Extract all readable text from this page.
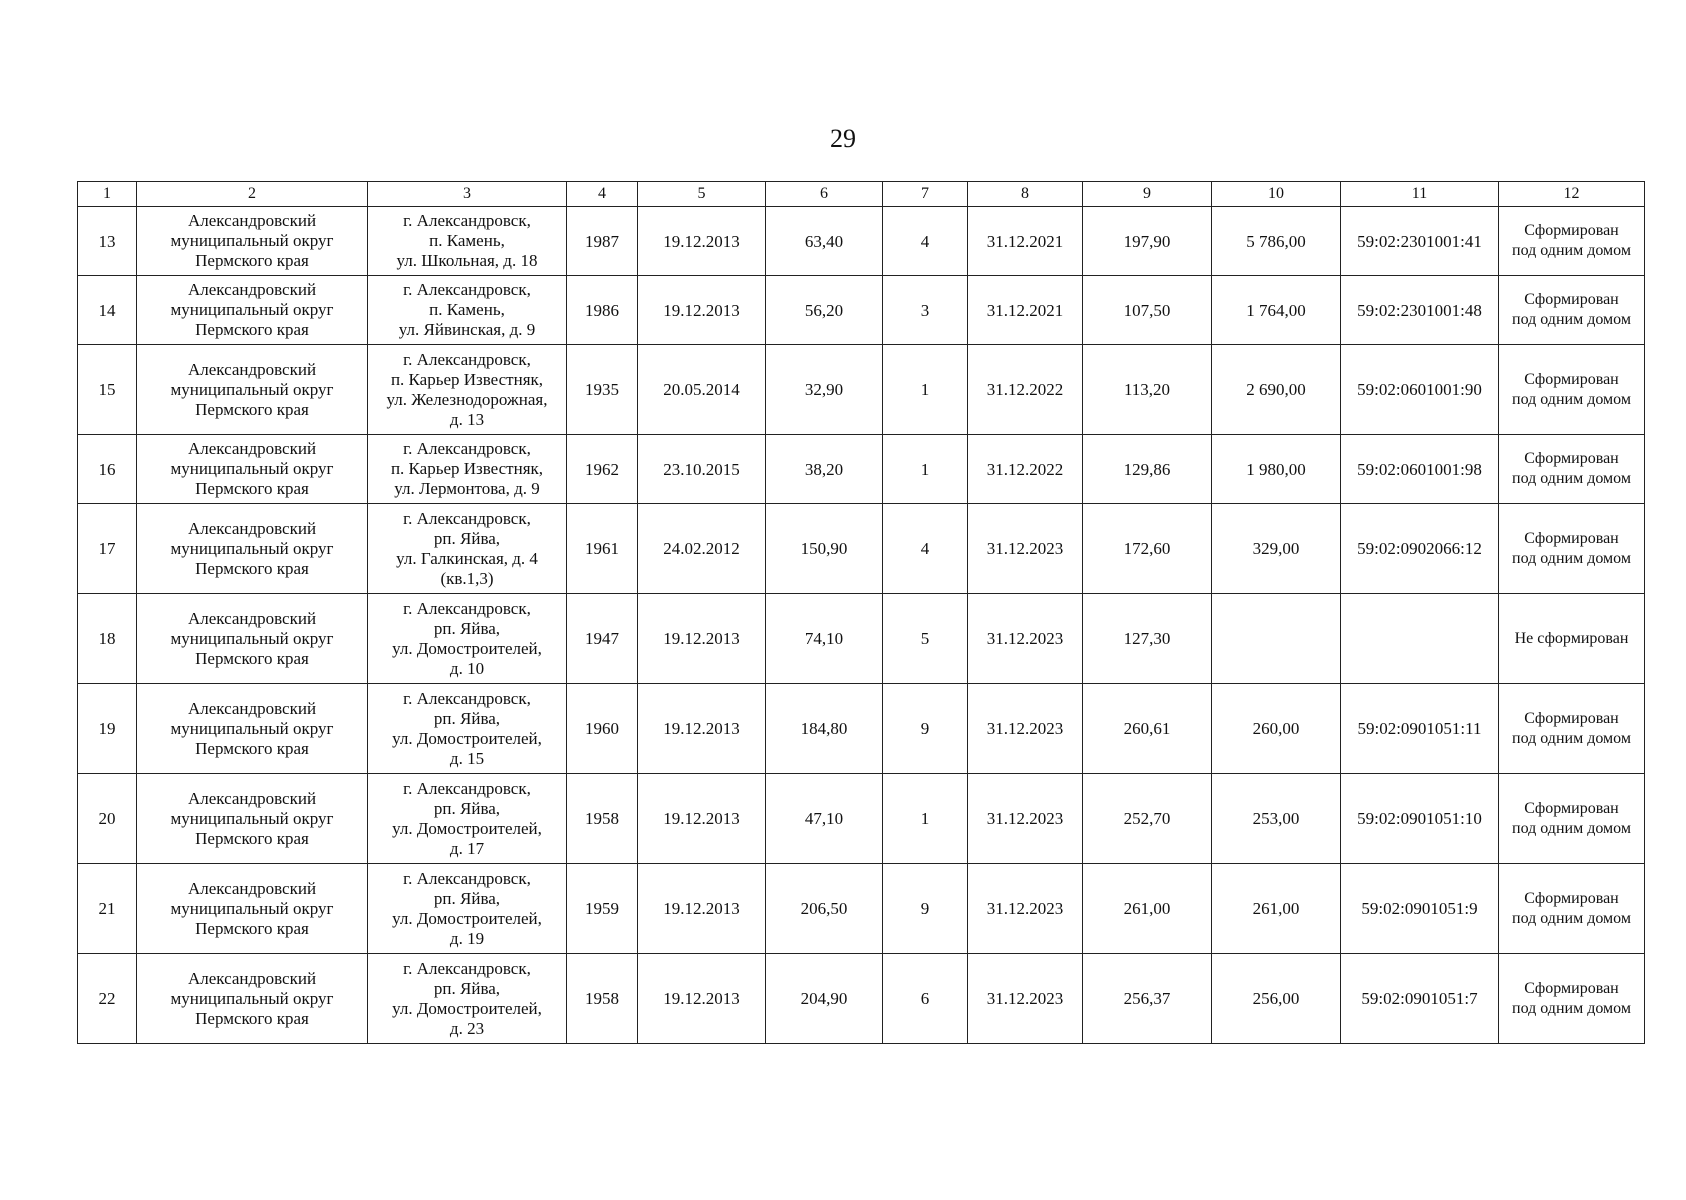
29
1	2	3	4	5	6	7	8	9	10	11	12
13	Александровский
муниципальный округ
Пермского края	г. Александровск,
п. Камень,
ул. Школьная, д. 18	1987	19.12.2013	63,40	4	31.12.2021	197,90	5 786,00	59:02:2301001:41	Сформирован
под одним домом
14	Александровский
муниципальный округ
Пермского края	г. Александровск,
п. Камень,
ул. Яйвинская, д. 9	1986	19.12.2013	56,20	3	31.12.2021	107,50	1 764,00	59:02:2301001:48	Сформирован
под одним домом
15	Александровский
муниципальный округ
Пермского края	г. Александровск,
п. Карьер Известняк,
ул. Железнодорожная,
д. 13	1935	20.05.2014	32,90	1	31.12.2022	113,20	2 690,00	59:02:0601001:90	Сформирован
под одним домом
16	Александровский
муниципальный округ
Пермского края	г. Александровск,
п. Карьер Известняк,
ул. Лермонтова, д. 9	1962	23.10.2015	38,20	1	31.12.2022	129,86	1 980,00	59:02:0601001:98	Сформирован
под одним домом
17	Александровский
муниципальный округ
Пермского края	г. Александровск,
рп. Яйва,
ул. Галкинская, д. 4
(кв.1,3)	1961	24.02.2012	150,90	4	31.12.2023	172,60	329,00	59:02:0902066:12	Сформирован
под одним домом
18	Александровский
муниципальный округ
Пермского края	г. Александровск,
рп. Яйва,
ул. Домостроителей,
д. 10	1947	19.12.2013	74,10	5	31.12.2023	127,30			Не сформирован
19	Александровский
муниципальный округ
Пермского края	г. Александровск,
рп. Яйва,
ул. Домостроителей,
д. 15	1960	19.12.2013	184,80	9	31.12.2023	260,61	260,00	59:02:0901051:11	Сформирован
под одним домом
20	Александровский
муниципальный округ
Пермского края	г. Александровск,
рп. Яйва,
ул. Домостроителей,
д. 17	1958	19.12.2013	47,10	1	31.12.2023	252,70	253,00	59:02:0901051:10	Сформирован
под одним домом
21	Александровский
муниципальный округ
Пермского края	г. Александровск,
рп. Яйва,
ул. Домостроителей,
д. 19	1959	19.12.2013	206,50	9	31.12.2023	261,00	261,00	59:02:0901051:9	Сформирован
под одним домом
22	Александровский
муниципальный округ
Пермского края	г. Александровск,
рп. Яйва,
ул. Домостроителей,
д. 23	1958	19.12.2013	204,90	6	31.12.2023	256,37	256,00	59:02:0901051:7	Сформирован
под одним домом
